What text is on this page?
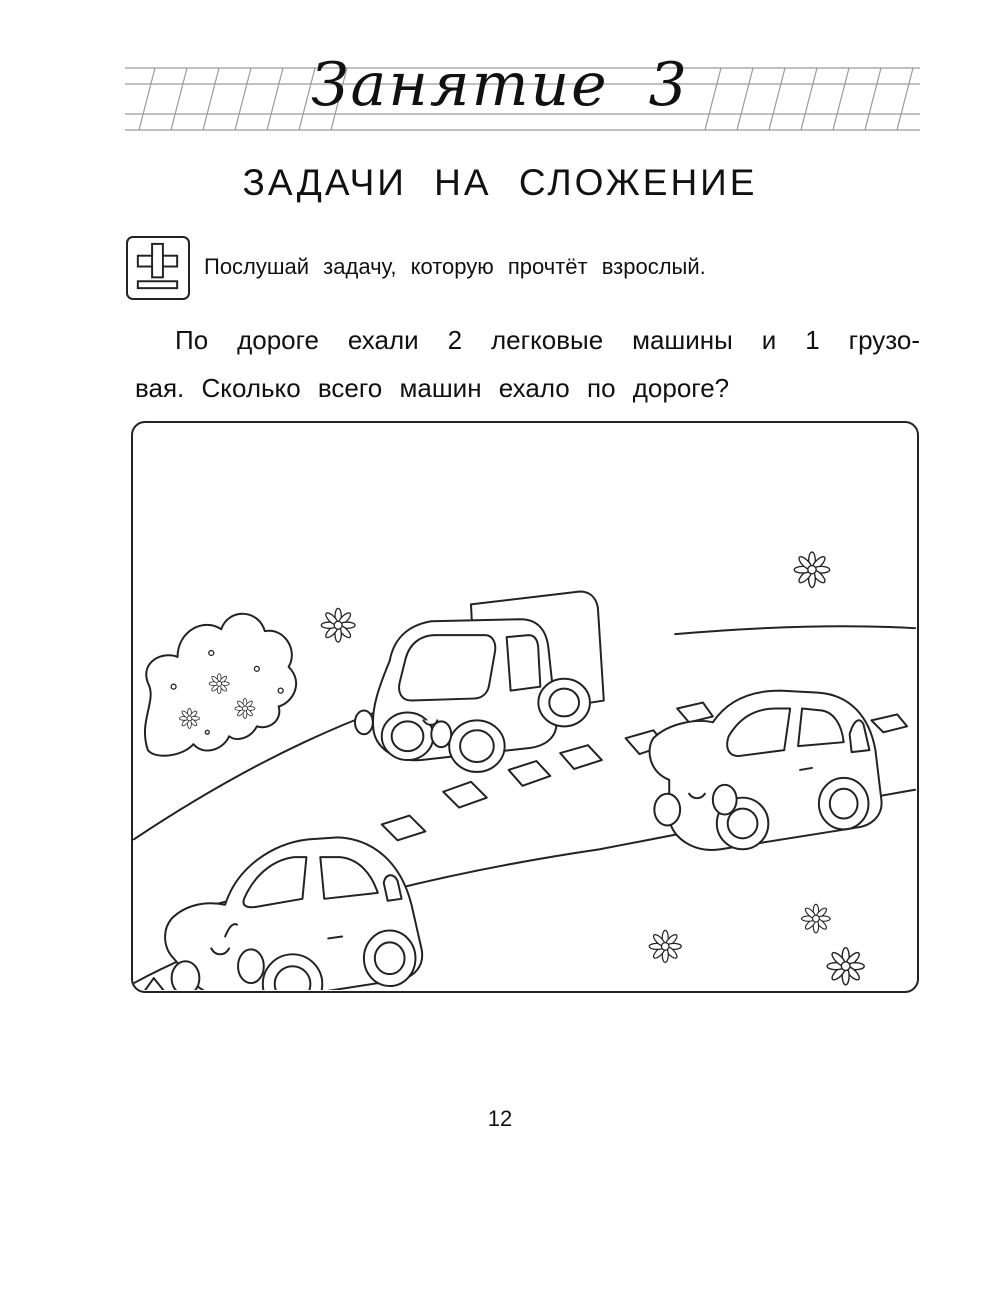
Занятие 3
ЗАДАЧИ НА СЛОЖЕНИЕ
Послушай задачу, которую прочтёт взрослый.

По дороге ехали 2 легковые машины и 1 грузо-

вая. Сколько всего машин ехало по дороге?

12
